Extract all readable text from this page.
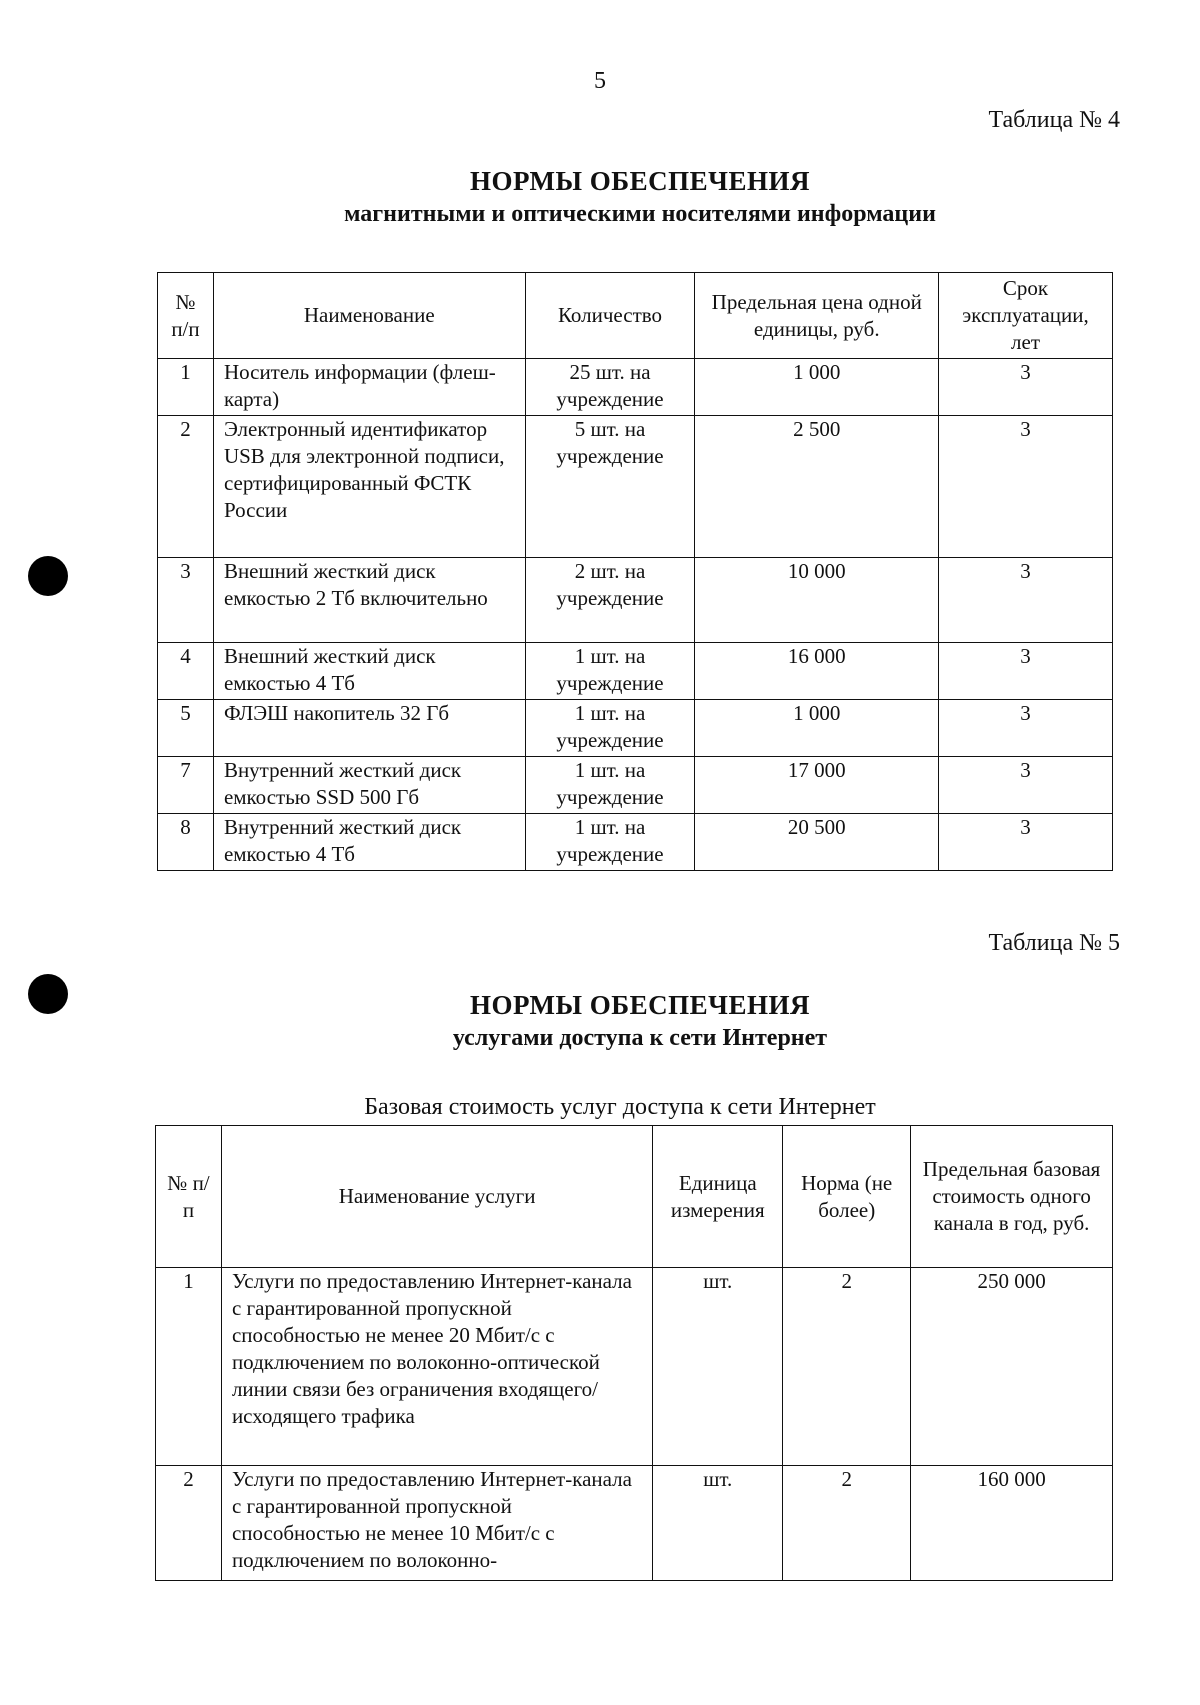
5
Таблица № 4
НОРМЫ ОБЕСПЕЧЕНИЯ
магнитными и оптическими носителями информации
№ п/п	Наименование	Количество	Предельная цена одной единицы, руб.	Срок эксплуатации, лет
1	Носитель информации (флеш-карта)	25 шт. на учреждение	1 000	3
2	Электронный идентификатор USB для электронной подписи, сертифицированный ФСТК России	5 шт. на учреждение	2 500	3
3	Внешний жесткий диск емкостью 2 Тб включительно	2 шт. на учреждение	10 000	3
4	Внешний жесткий диск емкостью 4 Тб	1 шт. на учреждение	16 000	3
5	ФЛЭШ накопитель 32 Гб	1 шт. на учреждение	1 000	3
7	Внутренний жесткий диск емкостью SSD 500 Гб	1 шт. на учреждение	17 000	3
8	Внутренний жесткий диск емкостью 4 Тб	1 шт. на учреждение	20 500	3
Таблица № 5
НОРМЫ ОБЕСПЕЧЕНИЯ
услугами доступа к сети Интернет
Базовая стоимость услуг доступа к сети Интернет
№ п/п	Наименование услуги	Единица измерения	Норма (не более)	Предельная базовая стоимость одного канала в год, руб.
1	Услуги по предоставлению Интернет-канала с гарантированной пропускной способностью не менее 20 Мбит/с с подключением по волоконно-оптической линии связи без ограничения входящего/исходящего трафика	шт.	2	250 000
2	Услуги по предоставлению Интернет-канала с гарантированной пропускной способностью не менее 10 Мбит/с с подключением по волоконно-	шт.	2	160 000
